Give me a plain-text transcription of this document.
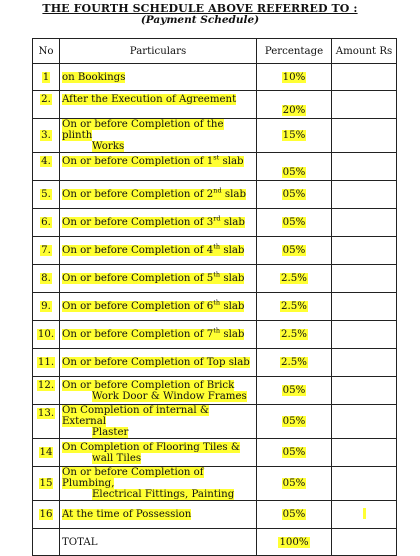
THE FOURTH SCHEDULE ABOVE REFERRED TO :
(Payment Schedule)
No	Particulars	Percentage	Amount Rs
1	on Bookings	10%	
2.	After the Execution of Agreement	20%	
3.	On or before Completion of the plinth
Works	15%	
4.	On or before Completion of 1st slab	05%	
5.	On or before Completion of 2nd slab	05%	
6.	On or before Completion of 3rd slab	05%	
7.	On or before Completion of 4th slab	05%	
8.	On or before Completion of 5th slab	2.5%	
9.	On or before Completion of 6th slab	2.5%	
10.	On or before Completion of 7th slab	2.5%	
11.	On or before Completion of Top slab	2.5%	
12.	On or before Completion of Brick
Work Door & Window Frames	05%	
13.	On Completion of internal & External
Plaster	05%	
14	On Completion of Flooring Tiles &
wall Tiles	05%	
15	On or before Completion of Plumbing,
Electrical Fittings, Painting	05%	
16	At the time of Possession	05%	
	TOTAL	100%	
